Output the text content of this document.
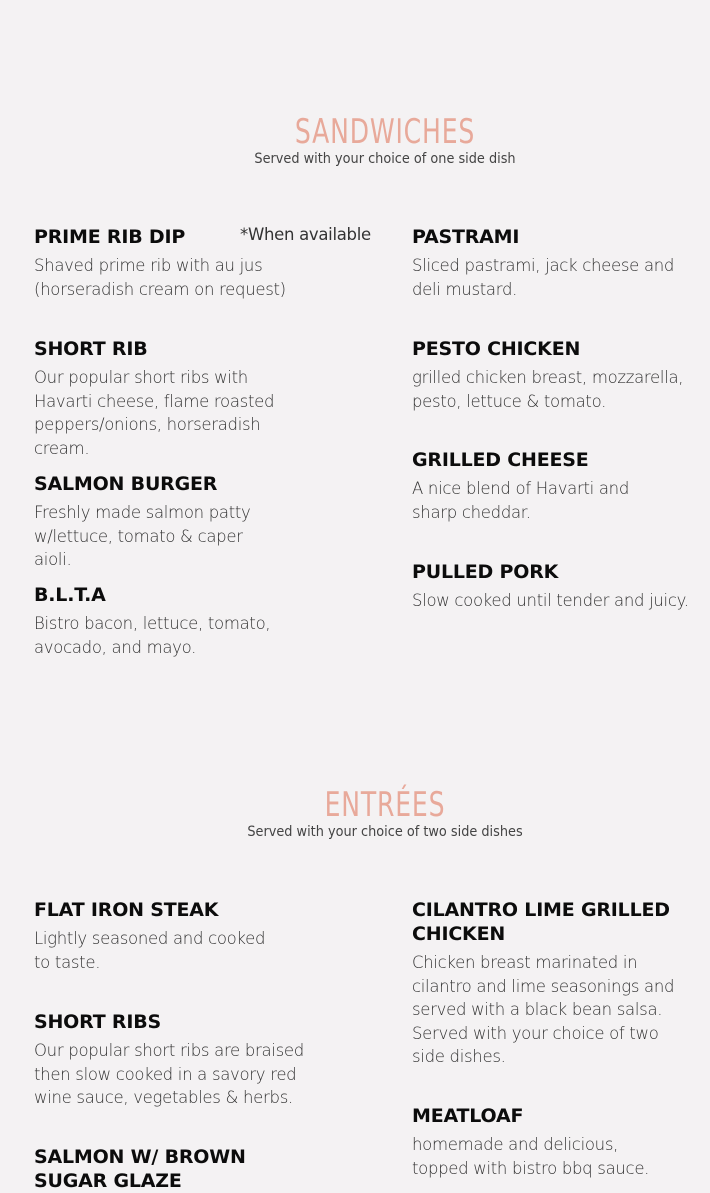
SANDWICHES

Served with your choice of one side dish

PRIME RIB DIP

Shaved prime rib with au jus (horseradish cream on request)

*When available PASTRAMI

Sliced pastrami, jack cheese and deli mustard.

SHORT RIB

Our popular short ribs with Havarti cheese, flame roasted peppers/onions, horseradish cream.

PESTO CHICKEN

grilled chicken breast, mozzarella, pesto, lettuce & tomato.

SALMON BURGER

Freshly made salmon patty w/lettuce, tomato & caper aioli.

GRILLED CHEESE

A nice blend of Havarti and sharp cheddar.

B.L.T.A

Bistro bacon, lettuce, tomato, avocado, and mayo.

PULLED PORK

Slow cooked until tender and juicy.

ENTRÉES

Served with your choice of two side dishes

FLAT IRON STEAK

Lightly seasoned and cooked to taste.

CILANTRO LIME GRILLED CHICKEN

Chicken breast marinated in cilantro and lime seasonings and served with a black bean salsa. Served with your choice of two side dishes.

SHORT RIBS

Our popular short ribs are braised then slow cooked in a savory red wine sauce, vegetables & herbs.

MEATLOAF

homemade and delicious, topped with bistro bbq sauce.

SALMON W/ BROWN SUGAR GLAZE
